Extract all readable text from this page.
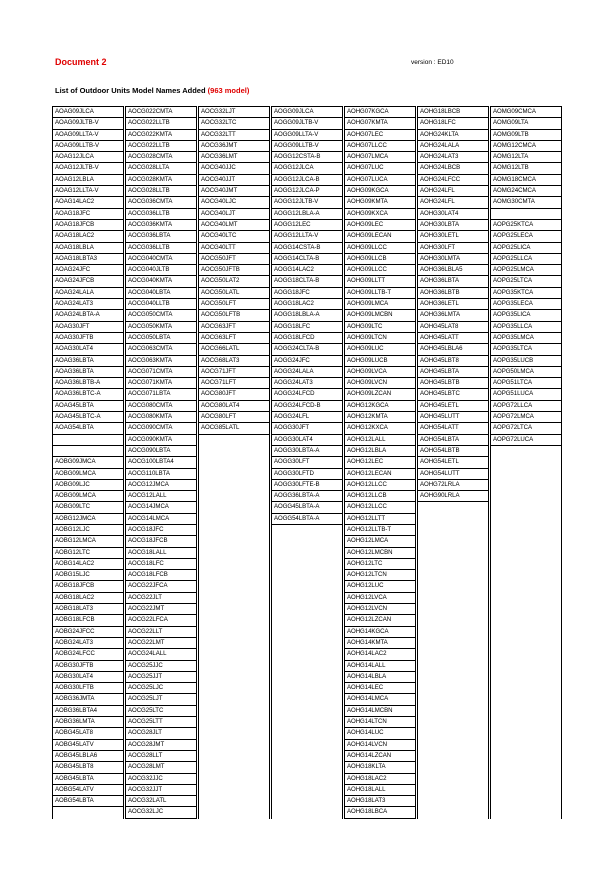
Document 2	version : ED10
List of Outdoor Units Model Names Added (963 model)
AOAG09JLCA
AOAG09JLTB-V
AOAG09LLTA-V
AOAG09LLTB-V
AOAG12JLCA
AOAG12JLTB-V
AOAG12LBLA
AOAG12LLTA-V
AOAG14LAC2
AOAG18JFC
AOAG18JFCB
AOAG18LAC2
AOAG18LBLA
AOAG18LBTA3
AOAG24JFC
AOAG24JFCB
AOAG24LALA
AOAG24LAT3
AOAG24LBTA-A
AOAG30JFT
AOAG30JFTB
AOAG30LAT4
AOAG36LBTA
AOAG36LBTA
AOAG36LBTB-A
AOAG36LBTC-A
AOAG45LBTA
AOAG45LBTC-A
AOAG54LBTA
AOBG09JMCA
AOBG09LMCA
AOBG09LJC
AOBG09LMCA
AOBG09LTC
AOBG12JMCA
AOBG12LJC
AOBG12LMCA
AOBG12LTC
AOBG14LAC2
AOBG15LJC
AOBG18JFCB
AOBG18LAC2
AOBG18LAT3
AOBG18LFCB
AOBG24JFCC
AOBG24LAT3
AOBG24LFCC
AOBG30JFTB
AOBG30LAT4
AOBG30LFTB
AOBG36JMTA
AOBG36LBTA4
AOBG36LMTA
AOBG45LAT8
AOBG45LATV
AOBG45LBLA6
AOBG45LBT8
AOBG45LBTA
AOBG54LATV
AOBG54LBTA
AOCG022CMTA
AOCG022LLTB
AOCG022KMTA
AOCG022LLTB
AOCG028CMTA
AOCG028LLTA
AOCG028KMTA
AOCG028LLTB
AOCG036CMTA
AOCG036LLTB
AOCG036KMTA
AOCG036LBTA
AOCG036LLTB
AOCG040CMTA
AOCG040JLTB
AOCG040KMTA
AOCG040LBTA
AOCG040LLTB
AOCG050CMTA
AOCG050KMTA
AOCG050LBTA
AOCG063CMTA
AOCG063KMTA
AOCG071CMTA
AOCG071KMTA
AOCG071LBTA
AOCG080CMTA
AOCG080KMTA
AOCG090CMTA
AOCG090KMTA
AOCG090LBTA
AOCG100LBTA4
AOCG110LBTA
AOCG12JMCA
AOCG12LALL
AOCG14JMCA
AOCG14LMCA
AOCG18JFC
AOCG18JFCB
AOCG18LALL
AOCG18LFC
AOCG18LFCB
AOCG22JFCA
AOCG22JLT
AOCG22JMT
AOCG22LFCA
AOCG22LLT
AOCG22LMT
AOCG24LALL
AOCG25JJC
AOCG25JJT
AOCG25LJC
AOCG25LJT
AOCG25LTC
AOCG25LTT
AOCG28JLT
AOCG28JMT
AOCG28LLT
AOCG28LMT
AOCG32JJC
AOCG32JJT
AOCG32LATL
AOCG32LJC
AOCG32LJT
AOCG32LTC
AOCG32LTT
AOCG36JMT
AOCG36LMT
AOCG40JJC
AOCG40JJT
AOCG40JMT
AOCG40LJC
AOCG40LJT
AOCG40LMT
AOCG40LTC
AOCG40LTT
AOCG50JFT
AOCG50JFTB
AOCG50LAT2
AOCG50LATL
AOCG50LFT
AOCG50LFTB
AOCG63JFT
AOCG63LFT
AOCG66LATL
AOCG68LAT3
AOCG71JFT
AOCG71LFT
AOCG80JFT
AOCG80LAT4
AOCG80LFT
AOCG85LATL
AOGG09JLCA
AOGG09JLTB-V
AOGG09LLTA-V
AOGG09LLTB-V
AOGG12CSTA-B
AOGG12JLCA
AOGG12JLCA-B
AOGG12JLCA-P
AOGG12JLTB-V
AOGG12LBLA-A
AOGG12LEC
AOGG12LLTA-V
AOGG14CSTA-B
AOGG14CLTA-B
AOGG14LAC2
AOGG18CLTA-B
AOGG18JFC
AOGG18LAC2
AOGG18LBLA-A
AOGG18LFC
AOGG18LFCD
AOGG24CLTA-B
AOGG24JFC
AOGG24LALA
AOGG24LAT3
AOGG24LFCD
AOGG24LFCD-B
AOGG24LFL
AOGG30JFT
AOGG30LAT4
AOGG30LBTA-A
AOGG30LFT
AOGG30LFTD
AOGG30LFTE-B
AOGG36LBTA-A
AOGG45LBTA-A
AOGG54LBTA-A
AOHG07KGCA
AOHG07KMTA
AOHG07LEC
AOHG07LLCC
AOHG07LMCA
AOHG07LUC
AOHG07LUCA
AOHG09KGCA
AOHG09KMTA
AOHG09KXCA
AOHG09LEC
AOHG09LECAN
AOHG09LLCC
AOHG09LLCB
AOHG09LLCC
AOHG09LLTT
AOHG09LLTB-T
AOHG09LMCA
AOHG09LMCBN
AOHG09LTC
AOHG09LTCN
AOHG09LUC
AOHG09LUCB
AOHG09LVCA
AOHG09LVCN
AOHG09LZCAN
AOHG12KGCA
AOHG12KMTA
AOHG12KXCA
AOHG12LALL
AOHG12LBLA
AOHG12LEC
AOHG12LECAN
AOHG12LLCC
AOHG12LLCB
AOHG12LLCC
AOHG12LLTT
AOHG12LLTB-T
AOHG12LMCA
AOHG12LMCBN
AOHG12LTC
AOHG12LTCN
AOHG12LUC
AOHG12LVCA
AOHG12LVCN
AOHG12LZCAN
AOHG14KGCA
AOHG14KMTA
AOHG14LAC2
AOHG14LALL
AOHG14LBLA
AOHG14LEC
AOHG14LMCA
AOHG14LMCBN
AOHG14LTCN
AOHG14LUC
AOHG14LVCN
AOHG14LZCAN
AOHG18KLTA
AOHG18LAC2
AOHG18LALL
AOHG18LAT3
AOHG18LBCA
AOHG18LBCB
AOHG18LFC
AOHG24KLTA
AOHG24LALA
AOHG24LAT3
AOHG24LBCB
AOHG24LFCC
AOHG24LFL
AOHG24LFL
AOHG30LAT4
AOHG30LBTA
AOHG30LETL
AOHG30LFT
AOHG30LMTA
AOHG36LBLA5
AOHG36LBTA
AOHG36LBTB
AOHG36LETL
AOHG36LMTA
AOHG45LAT8
AOHG45LATT
AOHG45LBLA6
AOHG45LBT8
AOHG45LBTA
AOHG45LBTB
AOHG45LBTC
AOHG45LETL
AOHG45LUTT
AOHG54LATT
AOHG54LBTA
AOHG54LBTB
AOHG54LETL
AOHG54LUTT
AOHG72LRLA
AOHG90LRLA
AOMG09CMCA
AOMG09LTA
AOMG09LTB
AOMG12CMCA
AOMG12LTA
AOMG12LTB
AOMG18CMCA
AOMG24CMCA
AOMG30CMTA
AOPG25KTCA
AOPG25LECA
AOPG25LICA
AOPG25LLCA
AOPG25LMCA
AOPG25LTCA
AOPG35KTCA
AOPG35LECA
AOPG35LICA
AOPG35LLCA
AOPG35LMCA
AOPG35LTCA
AOPG35LUCB
AOPG50LMCA
AOPG51LTCA
AOPG51LUCA
AOPG72LLCA
AOPG72LMCA
AOPG72LTCA
AOPG72LUCA
